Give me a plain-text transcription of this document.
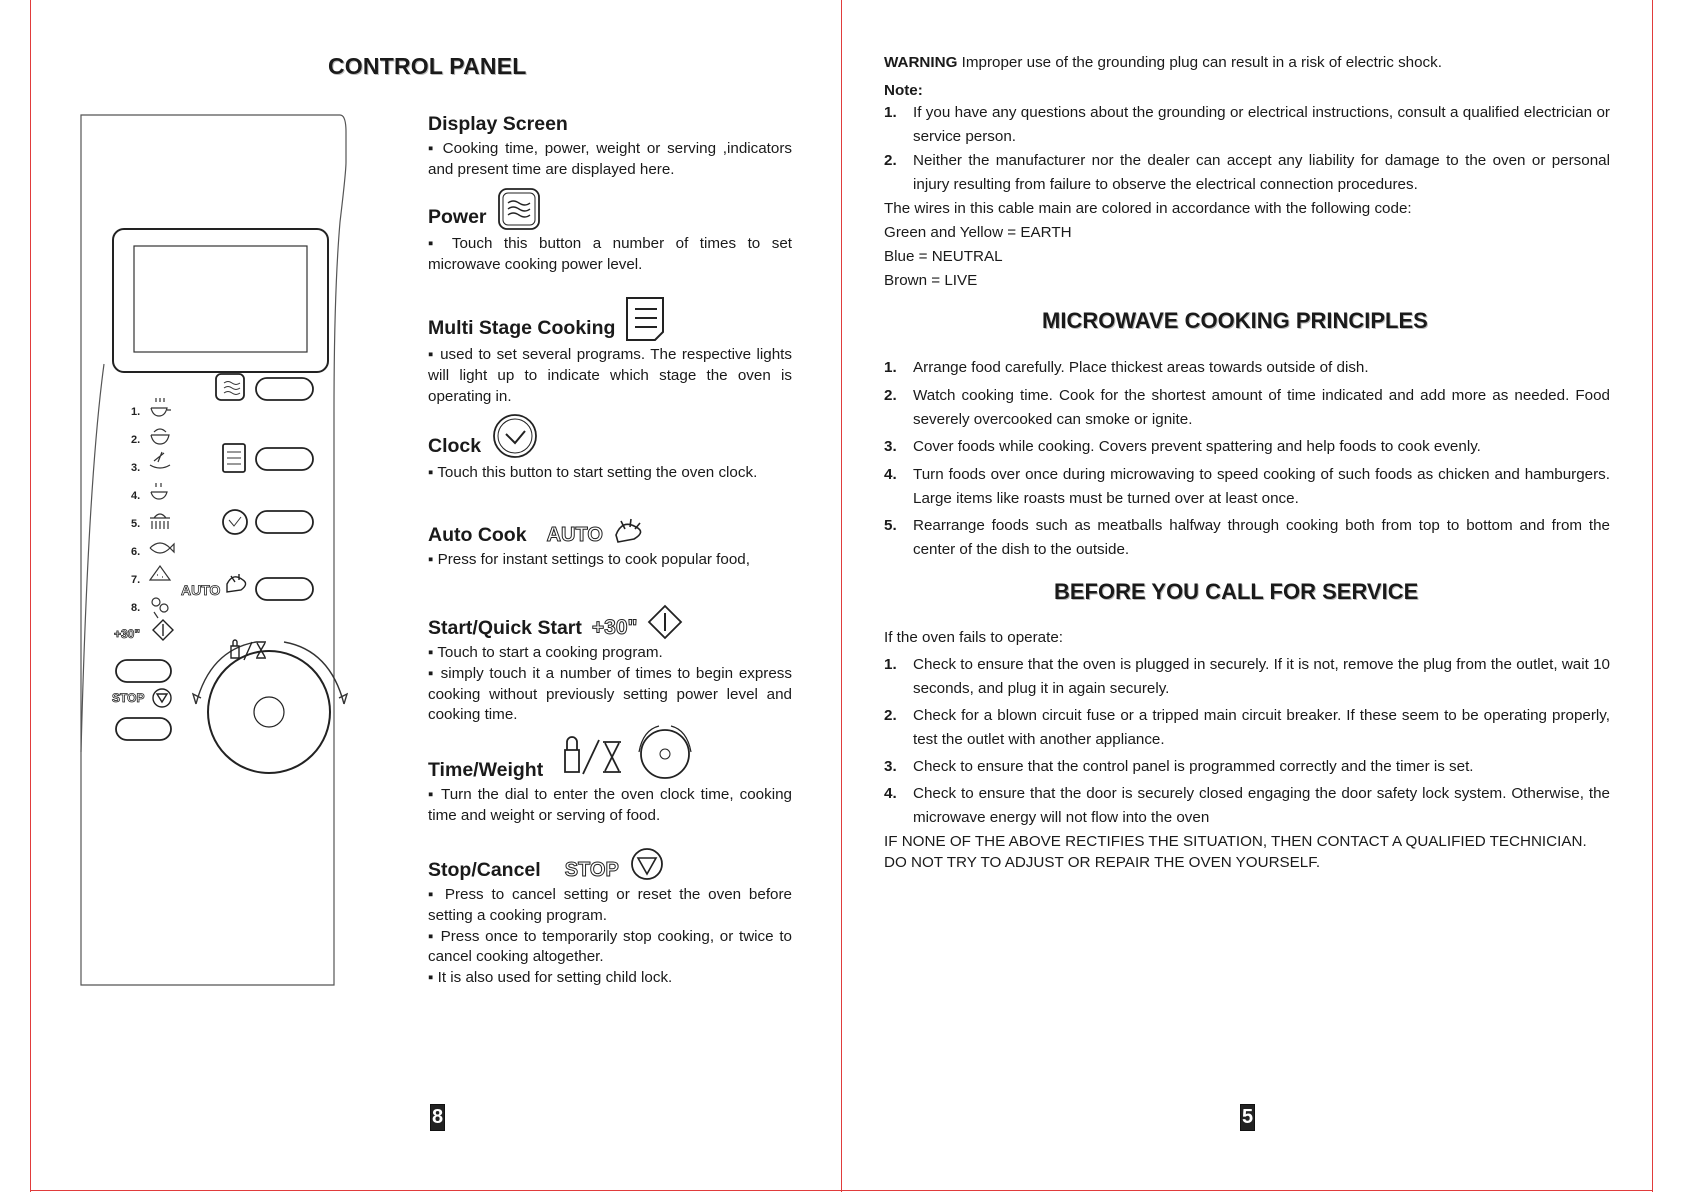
CONTROL PANEL
1.
2.
3.
4.
5.
6.
7.
8.
AUTO
+30"
STOP
Display Screen

▪ Cooking time, power, weight or serving ,indicators and present time are displayed here.

Power

▪ Touch this button a number of times to set microwave cooking power level.

Multi Stage Cooking

▪ used to set several programs. The respective lights will light up to indicate which stage the oven is operating in.

Clock

▪ Touch this button to start setting the oven clock.

Auto Cook AUTO

▪ Press for instant settings to cook popular food,

Start/Quick Start +30"

▪ Touch to start a cooking program.

▪ simply touch it a number of times to begin express cooking without previously setting power level and cooking time.

Time/Weight

▪ Turn the dial to enter the oven clock time, cooking time and weight or serving of food.

Stop/Cancel STOP

▪ Press to cancel setting or reset the oven before setting a cooking program.

▪ Press once to temporarily stop cooking, or twice to cancel cooking altogether.

▪ It is also used for setting child lock.

8
WARNING Improper use of the grounding plug can result in a risk of electric shock.
Note:
1. If you have any questions about the grounding or electrical instructions, consult a qualified electrician or service person.
2. Neither the manufacturer nor the dealer can accept any liability for damage to the oven or personal injury resulting from failure to observe the electrical connection procedures.
The wires in this cable main are colored in accordance with the following code:
Green and Yellow = EARTH
Blue = NEUTRAL
Brown = LIVE
MICROWAVE COOKING PRINCIPLES
1. Arrange food carefully. Place thickest areas towards outside of dish.
2. Watch cooking time. Cook for the shortest amount of time indicated and add more as needed. Food severely overcooked can smoke or ignite.
3. Cover foods while cooking. Covers prevent spattering and help foods to cook evenly.
4. Turn foods over once during microwaving to speed cooking of such foods as chicken and hamburgers. Large items like roasts must be turned over at least once.
5. Rearrange foods such as meatballs halfway through cooking both from top to bottom and from the center of the dish to the outside.
BEFORE YOU CALL FOR SERVICE
If the oven fails to operate:
1. Check to ensure that the oven is plugged in securely. If it is not, remove the plug from the outlet, wait 10 seconds, and plug it in again securely.
2. Check for a blown circuit fuse or a tripped main circuit breaker. If these seem to be operating properly, test the outlet with another appliance.
3. Check to ensure that the control panel is programmed correctly and the timer is set.
4. Check to ensure that the door is securely closed engaging the door safety lock system. Otherwise, the microwave energy will not flow into the oven
IF NONE OF THE ABOVE RECTIFIES THE SITUATION, THEN CONTACT A QUALIFIED TECHNICIAN.
DO NOT TRY TO ADJUST OR REPAIR THE OVEN YOURSELF.
5
